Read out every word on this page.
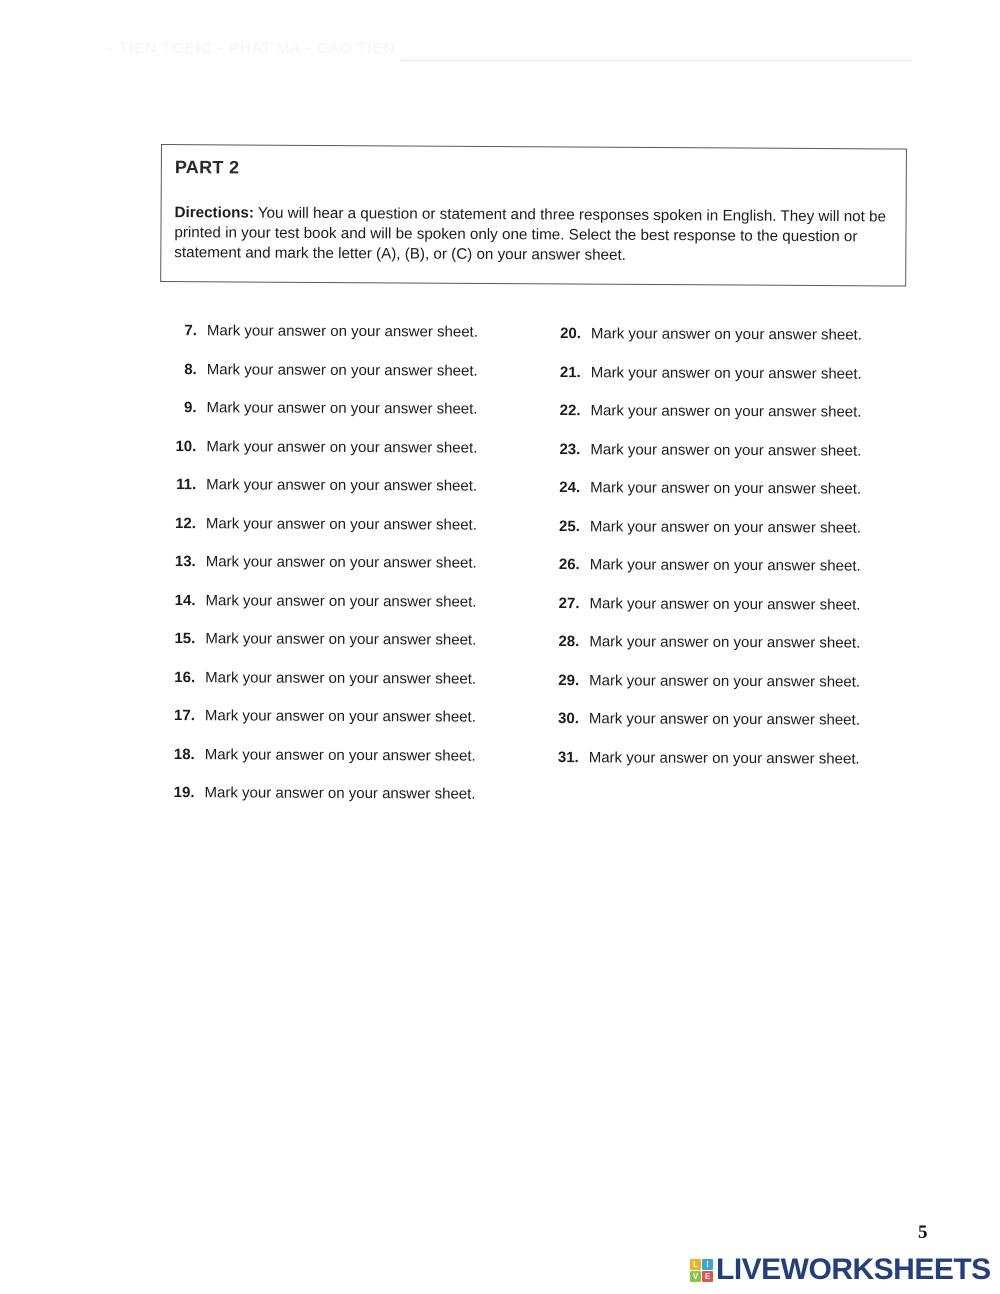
- TIEN TOEIC - PHAT MA - DAO TIEN
PART 2
Directions: You will hear a question or statement and three responses spoken in English. They will not be printed in your test book and will be spoken only one time. Select the best response to the question or statement and mark the letter (A), (B), or (C) on your answer sheet.
7. Mark your answer on your answer sheet.
8. Mark your answer on your answer sheet.
9. Mark your answer on your answer sheet.
10. Mark your answer on your answer sheet.
11. Mark your answer on your answer sheet.
12. Mark your answer on your answer sheet.
13. Mark your answer on your answer sheet.
14. Mark your answer on your answer sheet.
15. Mark your answer on your answer sheet.
16. Mark your answer on your answer sheet.
17. Mark your answer on your answer sheet.
18. Mark your answer on your answer sheet.
19. Mark your answer on your answer sheet.
20. Mark your answer on your answer sheet.
21. Mark your answer on your answer sheet.
22. Mark your answer on your answer sheet.
23. Mark your answer on your answer sheet.
24. Mark your answer on your answer sheet.
25. Mark your answer on your answer sheet.
26. Mark your answer on your answer sheet.
27. Mark your answer on your answer sheet.
28. Mark your answer on your answer sheet.
29. Mark your answer on your answer sheet.
30. Mark your answer on your answer sheet.
31. Mark your answer on your answer sheet.
5
L	I
V E LIVEWORKSHEETS
